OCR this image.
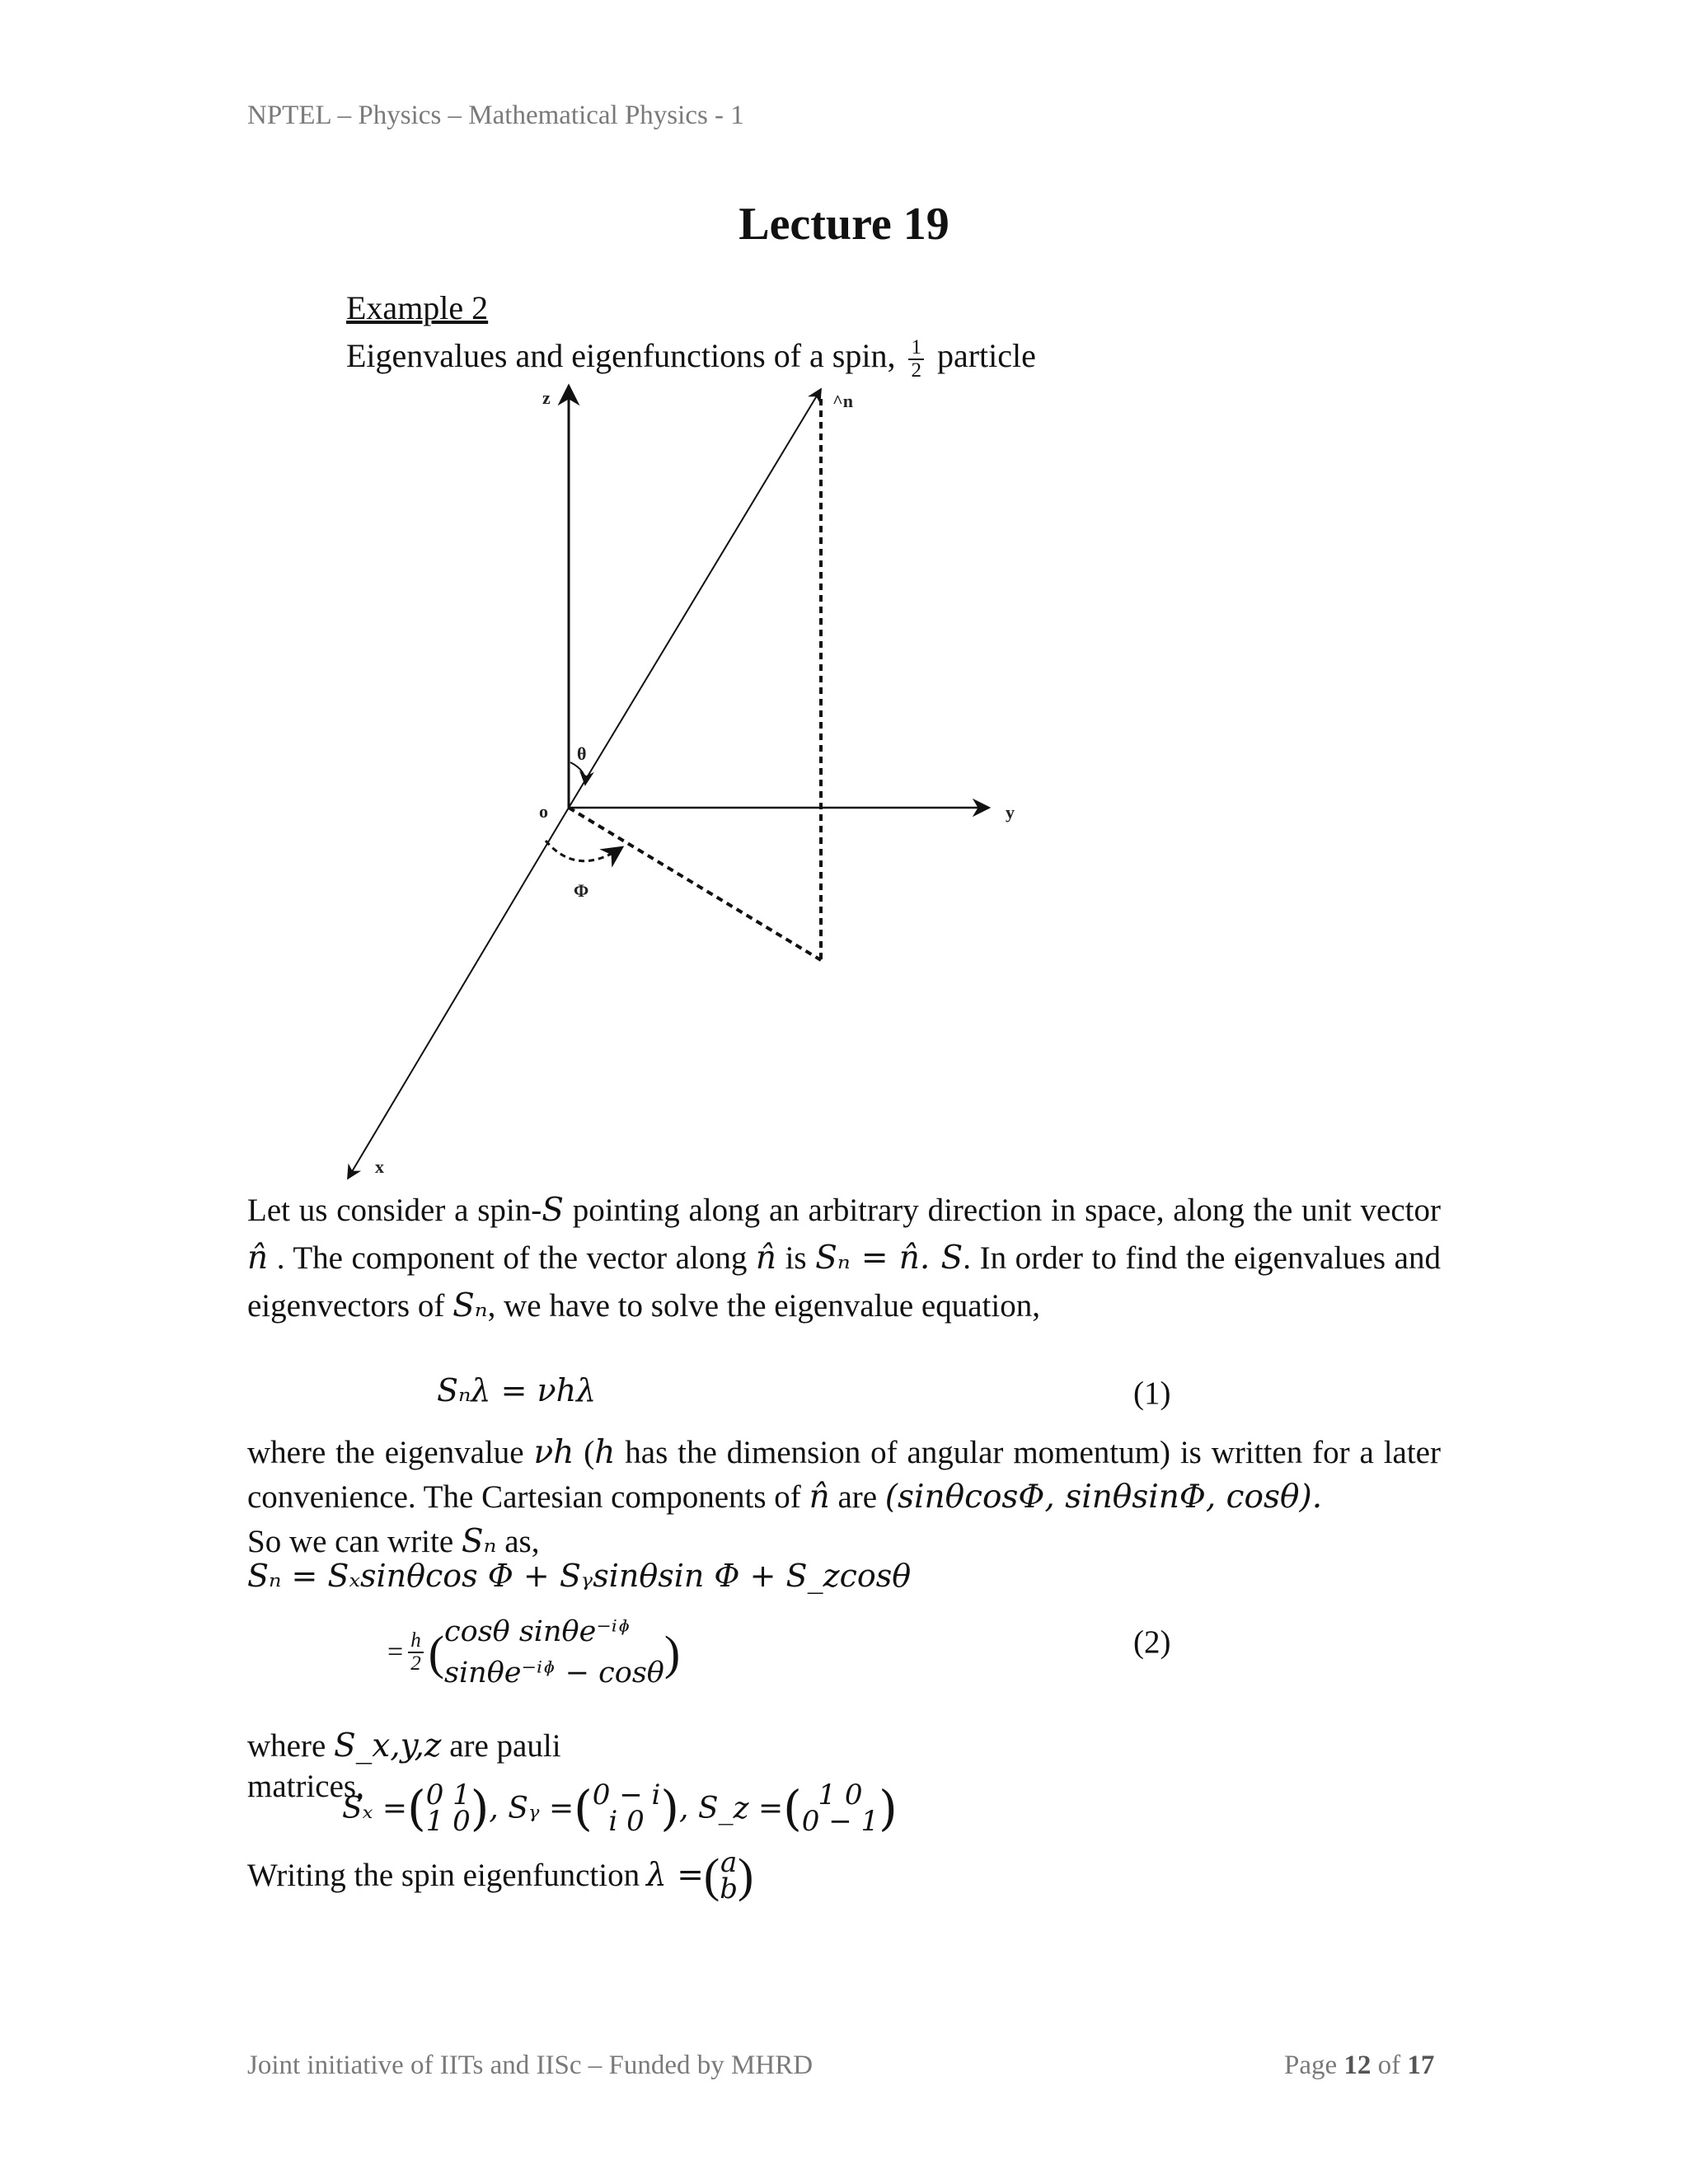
NPTEL – Physics – Mathematical Physics - 1
Lecture 19
Example 2
Eigenvalues and eigenfunctions of a spin, $\frac{1}{2}$ particle
z
y
x
^n
o
θ
Φ
Let us consider a spin-S pointing along an arbitrary direction in space, along the unit vector n̂ . The component of the vector along n̂ is Sₙ = n̂. S. In order to find the eigenvalues and eigenvectors of Sₙ, we have to solve the eigenvalue equation,
Sₙλ = νhλ	(1)
where the eigenvalue νh (h has the dimension of angular momentum) is written for a later convenience. The Cartesian components of n̂ are (sinθcosΦ, sinθsinΦ, cosθ).
So we can write Sₙ as,
Sₙ = Sₓsinθcos Φ + Sᵧsinθsin Φ + S_zcosθ
= $\frac{h}{2}$ ( cosθ sinθe⁻ⁱᶲ
sinθe⁻ⁱᶲ − cosθ )	(2)
where S_x,y,z are pauli
matrices,
Sₓ = ( 0 1
1 0 ) , Sᵧ = ( 0 − i
i 0 ) , S_z = ( 1 0
0 − 1 )
Writing the spin eigenfunction λ = ( a
b )
Joint initiative of IITs and IISc – Funded by MHRD	Page 12 of 17
